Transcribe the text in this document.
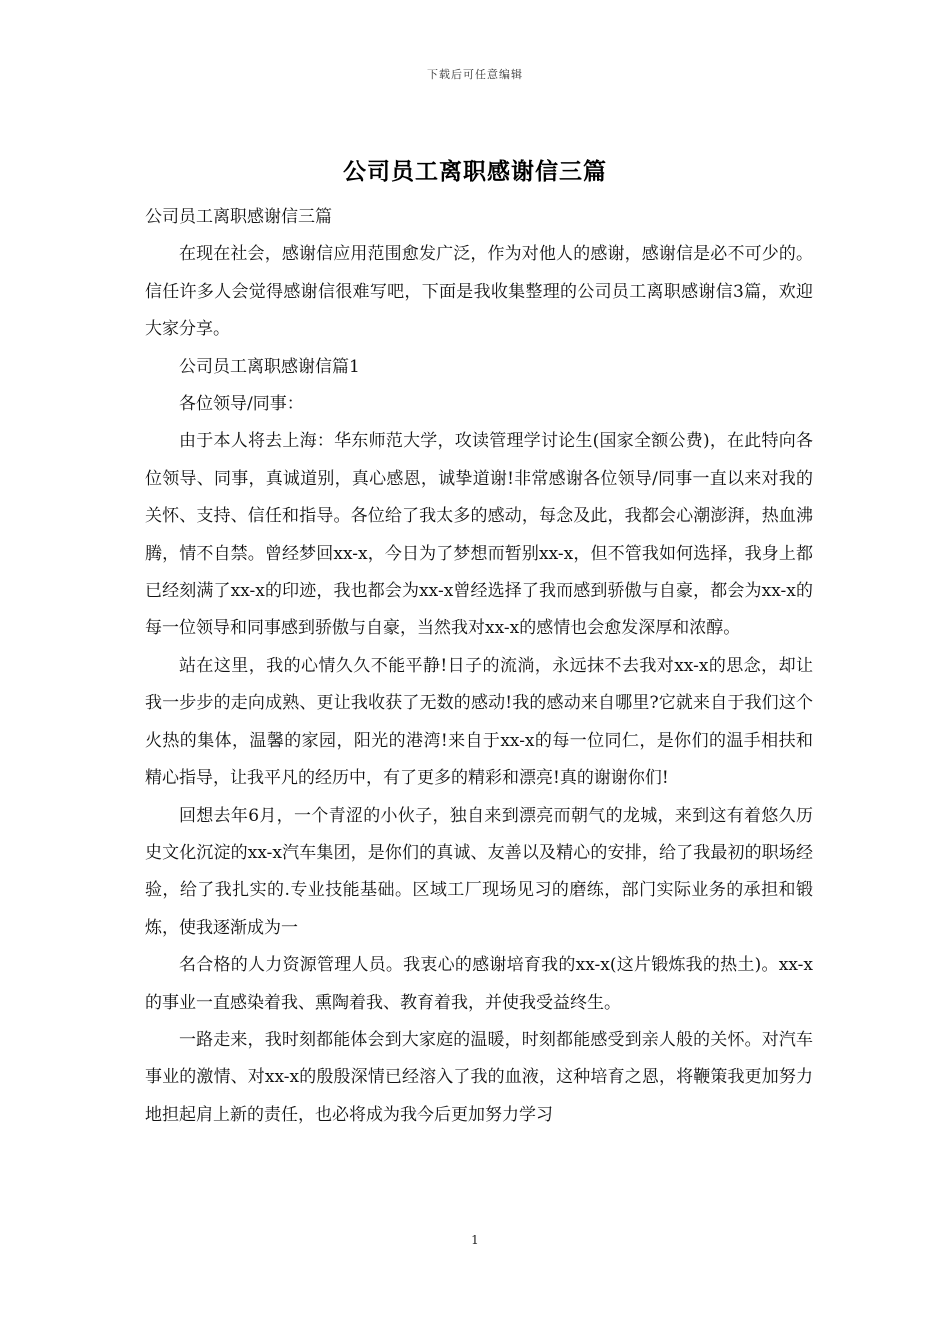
下载后可任意编辑
公司员工离职感谢信三篇

公司员工离职感谢信三篇

在现在社会，感谢信应用范围愈发广泛，作为对他人的感谢，感谢信是必不可少的。信任许多人会觉得感谢信很难写吧，下面是我收集整理的公司员工离职感谢信3篇，欢迎大家分享。

公司员工离职感谢信篇1

各位领导/同事：

由于本人将去上海：华东师范大学，攻读管理学讨论生(国家全额公费)，在此特向各位领导、同事，真诚道别，真心感恩，诚挚道谢!非常感谢各位领导/同事一直以来对我的关怀、支持、信任和指导。各位给了我太多的感动，每念及此，我都会心潮澎湃，热血沸腾，情不自禁。曾经梦回xx-x，今日为了梦想而暂别xx-x，但不管我如何选择，我身上都已经刻满了xx-x的印迹，我也都会为xx-x曾经选择了我而感到骄傲与自豪，都会为xx-x的每一位领导和同事感到骄傲与自豪，当然我对xx-x的感情也会愈发深厚和浓醇。

站在这里，我的心情久久不能平静!日子的流淌，永远抹不去我对xx-x的思念，却让我一步步的走向成熟、更让我收获了无数的感动!我的感动来自哪里?它就来自于我们这个火热的集体，温馨的家园，阳光的港湾!来自于xx-x的每一位同仁，是你们的温手相扶和精心指导，让我平凡的经历中，有了更多的精彩和漂亮!真的谢谢你们!

回想去年6月，一个青涩的小伙子，独自来到漂亮而朝气的龙城，来到这有着悠久历史文化沉淀的xx-x汽车集团，是你们的真诚、友善以及精心的安排，给了我最初的职场经验，给了我扎实的.专业技能基础。区域工厂现场见习的磨练，部门实际业务的承担和锻炼，使我逐渐成为一

名合格的人力资源管理人员。我衷心的感谢培育我的xx-x(这片锻炼我的热土)。xx-x的事业一直感染着我、熏陶着我、教育着我，并使我受益终生。

一路走来，我时刻都能体会到大家庭的温暖，时刻都能感受到亲人般的关怀。对汽车事业的激情、对xx-x的殷殷深情已经溶入了我的血液，这种培育之恩，将鞭策我更加努力地担起肩上新的责任，也必将成为我今后更加努力学习

1
